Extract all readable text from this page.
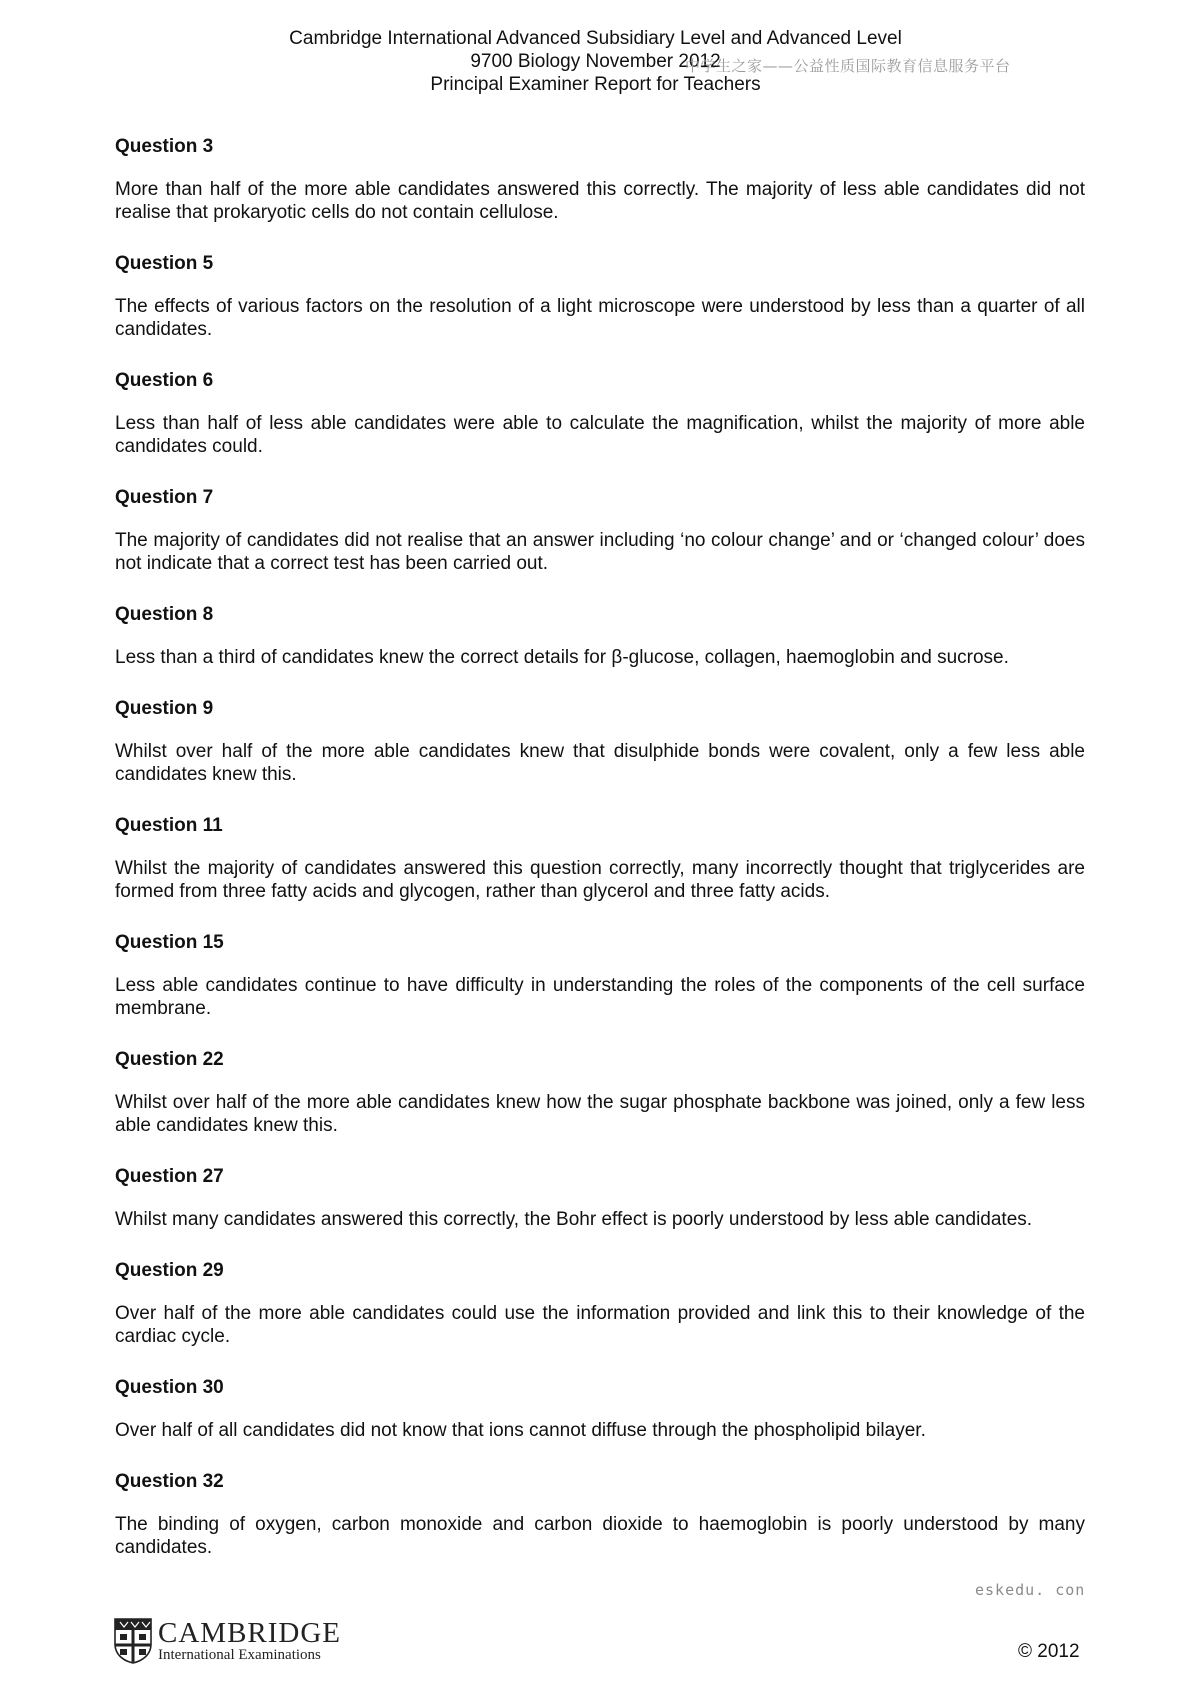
Cambridge International Advanced Subsidiary Level and Advanced Level
9700 Biology November 2012
Principal Examiner Report for Teachers
中学生之家——公益性质国际教育信息服务平台
Question 3

More than half of the more able candidates answered this correctly. The majority of less able candidates did not realise that prokaryotic cells do not contain cellulose.

Question 5

The effects of various factors on the resolution of a light microscope were understood by less than a quarter of all candidates.

Question 6

Less than half of less able candidates were able to calculate the magnification, whilst the majority of more able candidates could.

Question 7

The majority of candidates did not realise that an answer including ‘no colour change’ and or ‘changed colour’ does not indicate that a correct test has been carried out.

Question 8

Less than a third of candidates knew the correct details for β-glucose, collagen, haemoglobin and sucrose.

Question 9

Whilst over half of the more able candidates knew that disulphide bonds were covalent, only a few less able candidates knew this.

Question 11

Whilst the majority of candidates answered this question correctly, many incorrectly thought that triglycerides are formed from three fatty acids and glycogen, rather than glycerol and three fatty acids.

Question 15

Less able candidates continue to have difficulty in understanding the roles of the components of the cell surface membrane.

Question 22

Whilst over half of the more able candidates knew how the sugar phosphate backbone was joined, only a few less able candidates knew this.

Question 27

Whilst many candidates answered this correctly, the Bohr effect is poorly understood by less able candidates.

Question 29

Over half of the more able candidates could use the information provided and link this to their knowledge of the cardiac cycle.

Question 30

Over half of all candidates did not know that ions cannot diffuse through the phospholipid bilayer.

Question 32

The binding of oxygen, carbon monoxide and carbon dioxide to haemoglobin is poorly understood by many candidates.

eskedu. con
CAMBRIDGE
International Examinations	© 2012
